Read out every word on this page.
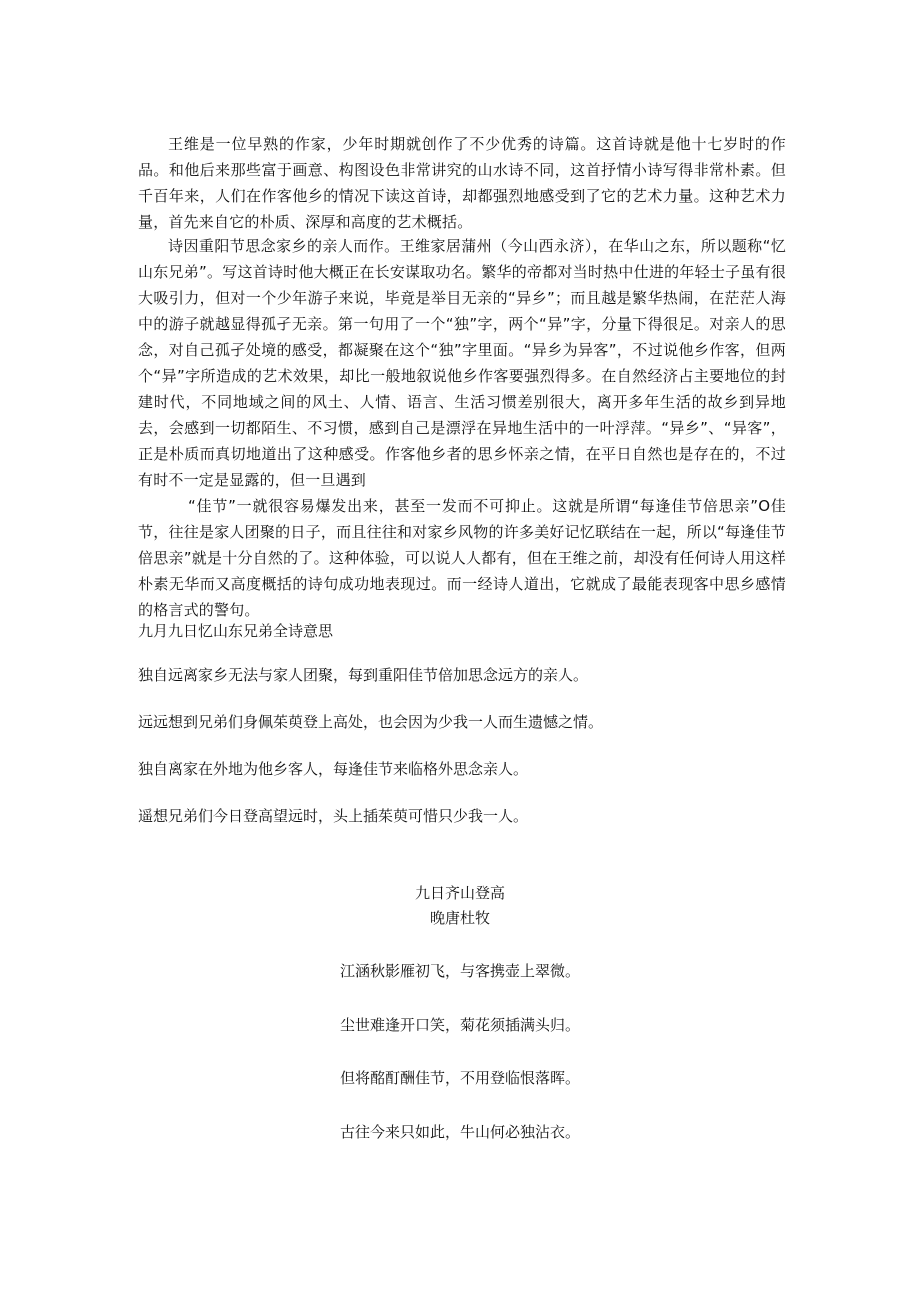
王维是一位早熟的作家，少年时期就创作了不少优秀的诗篇。这首诗就是他十七岁时的作品。和他后来那些富于画意、构图设色非常讲究的山水诗不同，这首抒情小诗写得非常朴素。但千百年来，人们在作客他乡的情况下读这首诗，却都强烈地感受到了它的艺术力量。这种艺术力量，首先来自它的朴质、深厚和高度的艺术概括。

诗因重阳节思念家乡的亲人而作。王维家居蒲州（今山西永济），在华山之东，所以题称“忆山东兄弟”。写这首诗时他大概正在长安谋取功名。繁华的帝都对当时热中仕进的年轻士子虽有很大吸引力，但对一个少年游子来说，毕竟是举目无亲的“异乡”；而且越是繁华热闹，在茫茫人海中的游子就越显得孤孑无亲。第一句用了一个“独”字，两个“异”字，分量下得很足。对亲人的思念，对自己孤孑处境的感受，都凝聚在这个“独”字里面。“异乡为异客”，不过说他乡作客，但两个“异”字所造成的艺术效果，却比一般地叙说他乡作客要强烈得多。在自然经济占主要地位的封建时代，不同地域之间的风土、人情、语言、生活习惯差别很大，离开多年生活的故乡到异地去，会感到一切都陌生、不习惯，感到自己是漂浮在异地生活中的一叶浮萍。“异乡”、“异客”，正是朴质而真切地道出了这种感受。作客他乡者的思乡怀亲之情，在平日自然也是存在的，不过有时不一定是显露的，但一旦遇到

“佳节”一就很容易爆发出来，甚至一发而不可抑止。这就是所谓“每逢佳节倍思亲”O佳节，往往是家人团聚的日子，而且往往和对家乡风物的许多美好记忆联结在一起，所以“每逢佳节倍思亲”就是十分自然的了。这种体验，可以说人人都有，但在王维之前，却没有任何诗人用这样朴素无华而又高度概括的诗句成功地表现过。而一经诗人道出，它就成了最能表现客中思乡感情的格言式的警句。

九月九日忆山东兄弟全诗意思

独自远离家乡无法与家人团聚，每到重阳佳节倍加思念远方的亲人。

远远想到兄弟们身佩茱萸登上高处，也会因为少我一人而生遗憾之情。

独自离家在外地为他乡客人，每逢佳节来临格外思念亲人。

遥想兄弟们今日登高望远时，头上插茱萸可惜只少我一人。

九日齐山登高

晚唐杜牧

江涵秋影雁初飞，与客携壶上翠微。

尘世难逢开口笑，菊花须插满头归。

但将酩酊酬佳节，不用登临恨落晖。

古往今来只如此，牛山何必独沾衣。
